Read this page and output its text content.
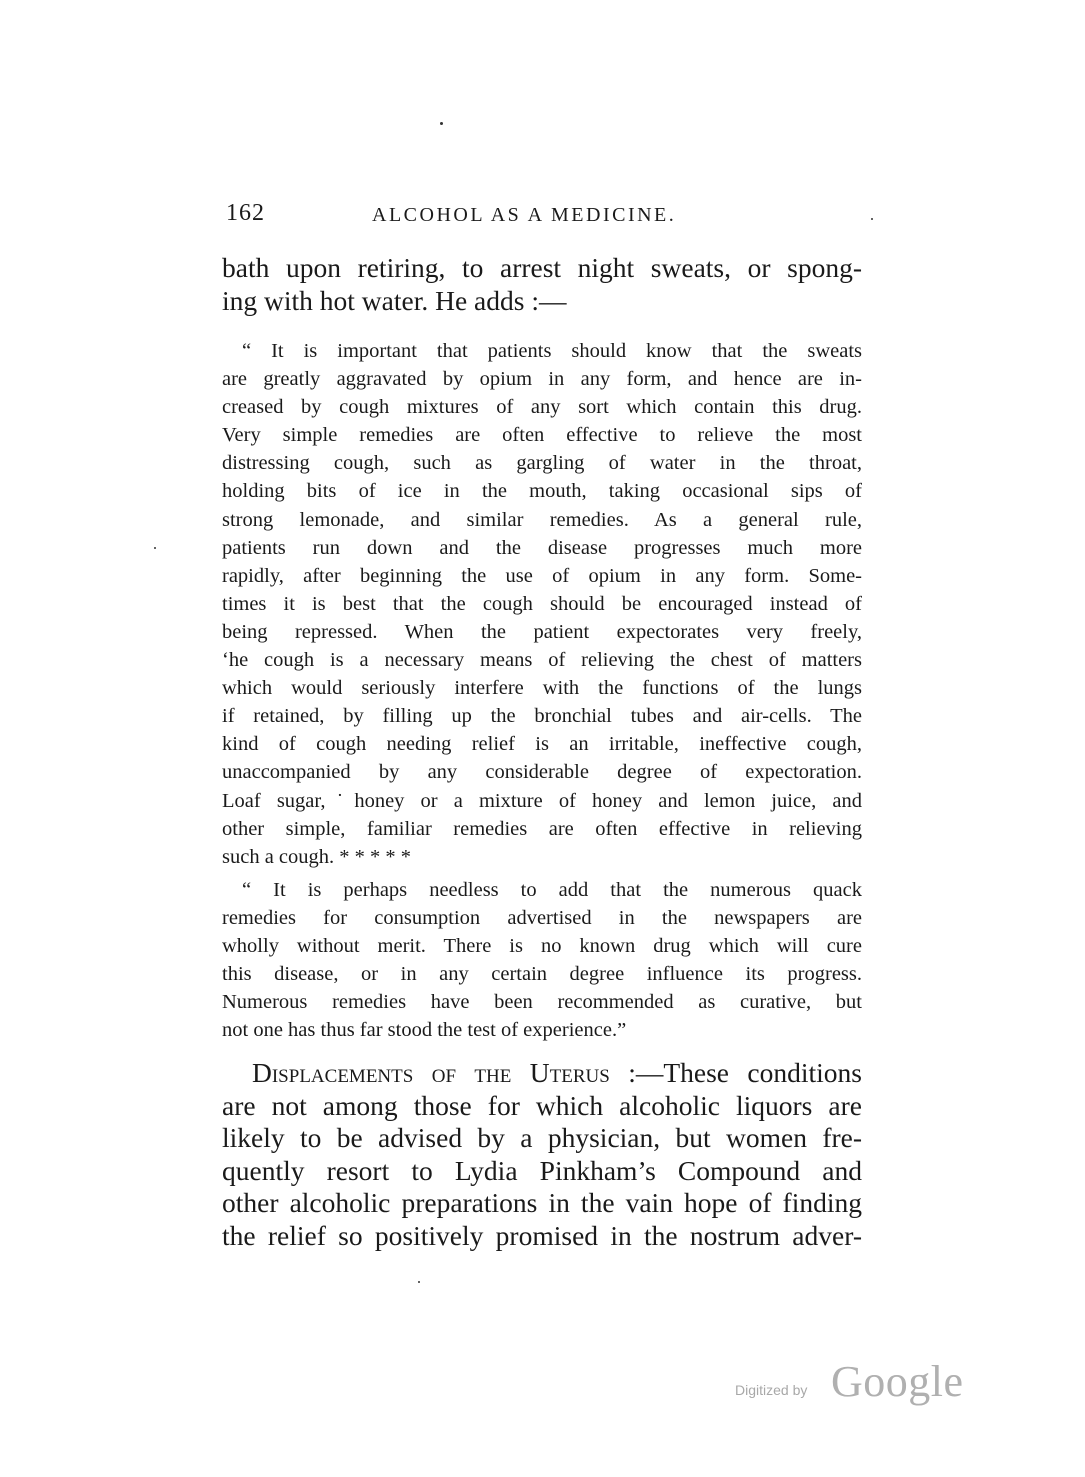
162	ALCOHOL AS A MEDICINE.
bath upon retiring, to arrest night sweats, or spong-
ing with hot water. He adds :—
“ It is important that patients should know that the sweats
are greatly aggravated by opium in any form, and hence are in-
creased by cough mixtures of any sort which contain this drug.
Very simple remedies are often effective to relieve the most
distressing cough, such as gargling of water in the throat,
holding bits of ice in the mouth, taking occasional sips of
strong lemonade, and similar remedies. As a general rule,
patients run down and the disease progresses much more
rapidly, after beginning the use of opium in any form. Some-
times it is best that the cough should be encouraged instead of
being repressed. When the patient expectorates very freely,
ʻhe cough is a necessary means of relieving the chest of matters
which would seriously interfere with the functions of the lungs
if retained, by filling up the bronchial tubes and air-cells. The
kind of cough needing relief is an irritable, ineffective cough,
unaccompanied by any considerable degree of expectoration.
Loaf sugar,˙honey or a mixture of honey and lemon juice, and
other simple, familiar remedies are often effective in relieving
such a cough. * * * * *
“ It is perhaps needless to add that the numerous quack
remedies for consumption advertised in the newspapers are
wholly without merit. There is no known drug which will cure
this disease, or in any certain degree influence its progress.
Numerous remedies have been recommended as curative, but
not one has thus far stood the test of experience.”
Displacements of the Uterus :—These conditions
are not among those for which alcoholic liquors are
likely to be advised by a physician, but women fre-
quently resort to Lydia Pinkham’s Compound and
other alcoholic preparations in the vain hope of finding
the relief so positively promised in the nostrum adver-
Digitized by Google
